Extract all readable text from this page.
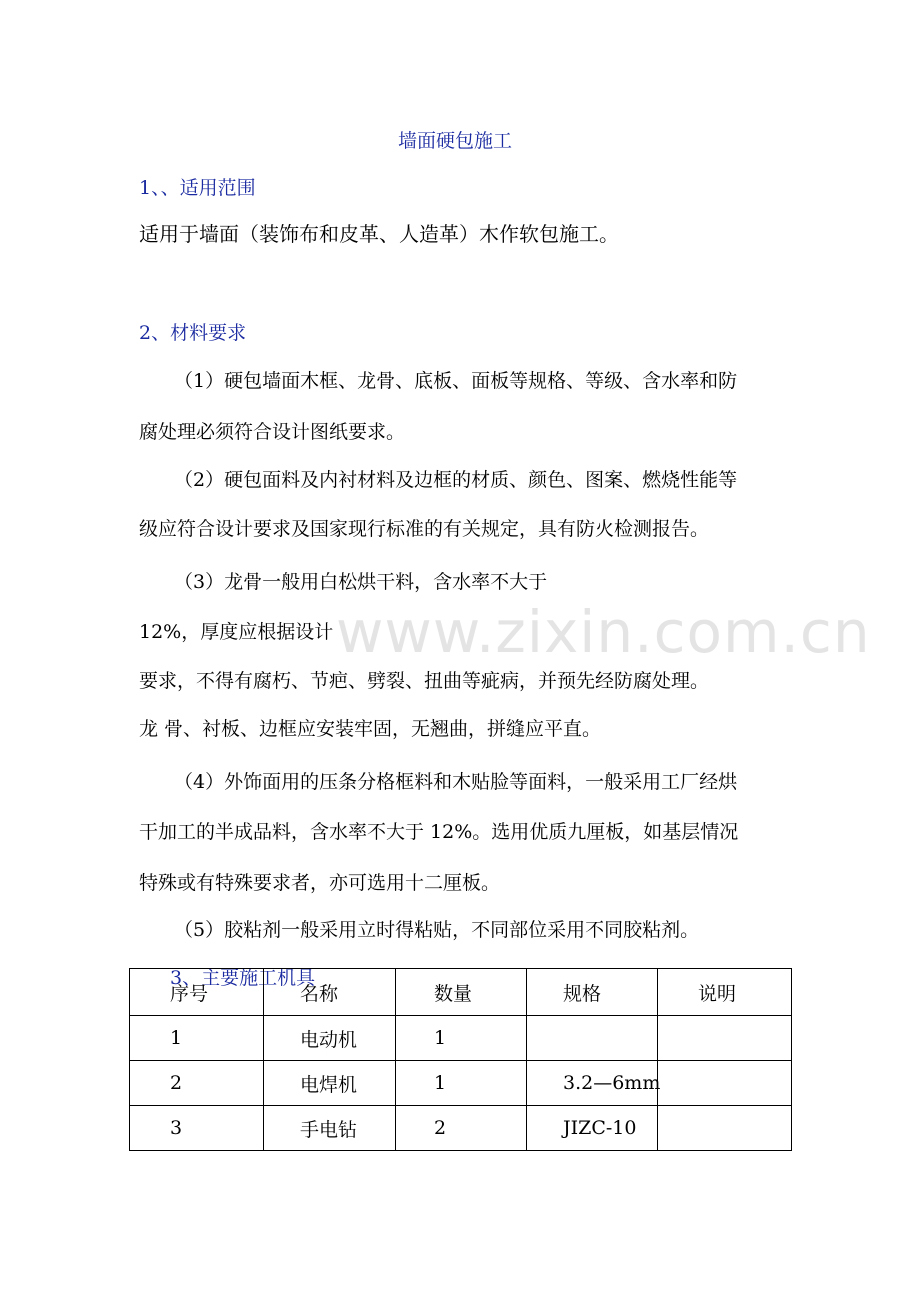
www.zixin.com.cn
墙面硬包施工
1、、适用范围
适用于墙面（装饰布和皮革、人造革）木作软包施工。
2、材料要求
（1）硬包墙面木框、龙骨、底板、面板等规格、等级、含水率和防
腐处理必须符合设计图纸要求。
（2）硬包面料及内衬材料及边框的材质、颜色、图案、燃烧性能等
级应符合设计要求及国家现行标准的有关规定，具有防火检测报告。
（3）龙骨一般用白松烘干料，含水率不大于
12%，厚度应根据设计
要求，不得有腐朽、节疤、劈裂、扭曲等疵病，并预先经防腐处理。
龙 骨、衬板、边框应安装牢固，无翘曲，拼缝应平直。
（4）外饰面用的压条分格框料和木贴脸等面料，一般采用工厂经烘
干加工的半成品料，含水率不大于 12%。选用优质九厘板，如基层情况
特殊或有特殊要求者，亦可选用十二厘板。
（5）胶粘剂一般采用立时得粘贴，不同部位采用不同胶粘剂。
3、主要施工机具
序号	名称	数量	规格	说明
1	电动机	1		
2	电焊机	1	3.2—6mm	
3	手电钻	2	JIZC-10	
